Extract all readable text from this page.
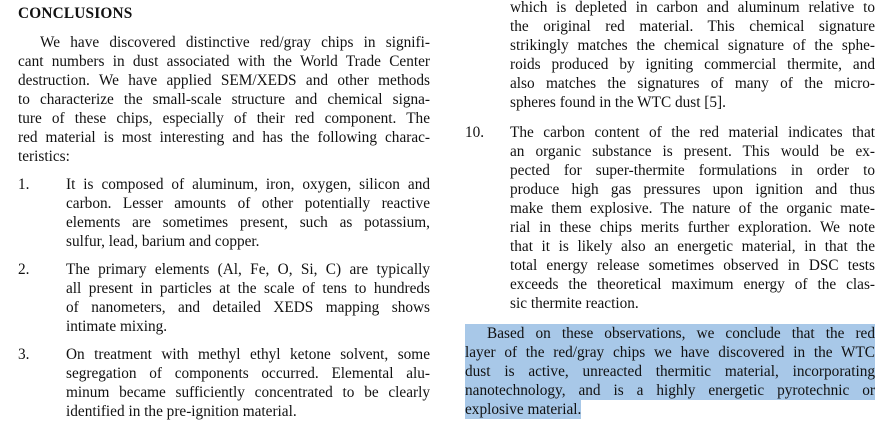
CONCLUSIONS
We have discovered distinctive red/gray chips in signifi-
cant numbers in dust associated with the World Trade Center
destruction. We have applied SEM/XEDS and other methods
to characterize the small-scale structure and chemical signa-
ture of these chips, especially of their red component. The
red material is most interesting and has the following charac-
teristics:
1. It is composed of aluminum, iron, oxygen, silicon and
carbon. Lesser amounts of other potentially reactive
elements are sometimes present, such as potassium,
sulfur, lead, barium and copper.
2. The primary elements (Al, Fe, O, Si, C) are typically
all present in particles at the scale of tens to hundreds
of nanometers, and detailed XEDS mapping shows
intimate mixing.
3. On treatment with methyl ethyl ketone solvent, some
segregation of components occurred. Elemental alu-
minum became sufficiently concentrated to be clearly
identified in the pre-ignition material.
which is depleted in carbon and aluminum relative to
the original red material. This chemical signature
strikingly matches the chemical signature of the sphe-
roids produced by igniting commercial thermite, and
also matches the signatures of many of the micro-
spheres found in the WTC dust [5].
10. The carbon content of the red material indicates that
an organic substance is present. This would be ex-
pected for super-thermite formulations in order to
produce high gas pressures upon ignition and thus
make them explosive. The nature of the organic mate-
rial in these chips merits further exploration. We note
that it is likely also an energetic material, in that the
total energy release sometimes observed in DSC tests
exceeds the theoretical maximum energy of the clas-
sic thermite reaction.
Based on these observations, we conclude that the red
layer of the red/gray chips we have discovered in the WTC
dust is active, unreacted thermitic material, incorporating
nanotechnology, and is a highly energetic pyrotechnic or
explosive material.
